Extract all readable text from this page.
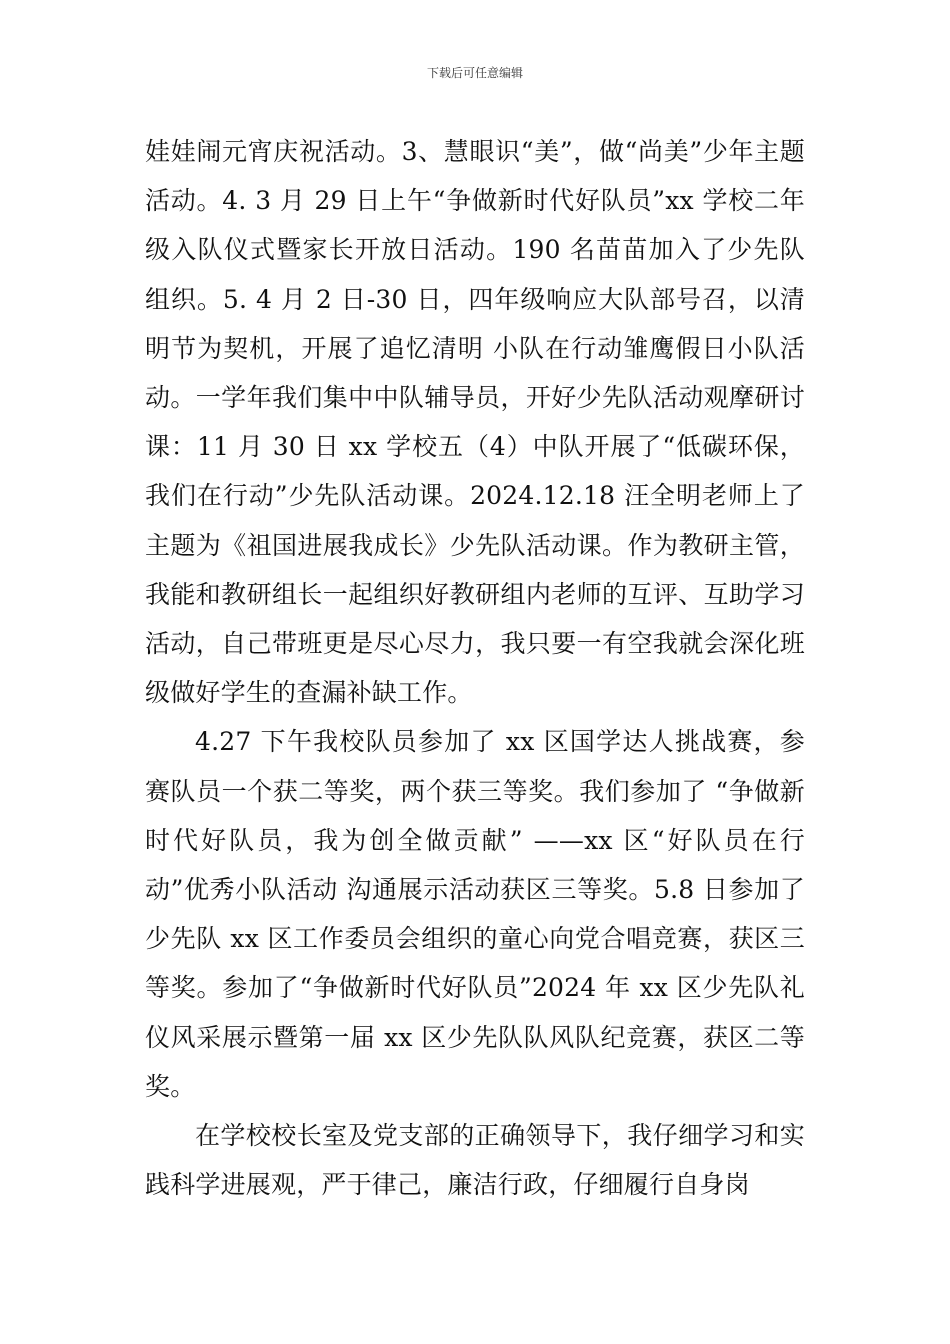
下载后可任意编辑

娃娃闹元宵庆祝活动。3、慧眼识“美”，做“尚美”少年主题活动。4. 3 月 29 日上午“争做新时代好队员”xx 学校二年级入队仪式暨家长开放日活动。190 名苗苗加入了少先队组织。5. 4 月 2 日-30 日，四年级响应大队部号召，以清明节为契机，开展了追忆清明 小队在行动雏鹰假日小队活动。一学年我们集中中队辅导员，开好少先队活动观摩研讨课：11 月 30 日 xx 学校五（4）中队开展了“低碳环保，我们在行动”少先队活动课。2024.12.18 汪全明老师上了主题为《祖国进展我成长》少先队活动课。作为教研主管，我能和教研组长一起组织好教研组内老师的互评、互助学习活动，自己带班更是尽心尽力，我只要一有空我就会深化班级做好学生的查漏补缺工作。

4.27 下午我校队员参加了 xx 区国学达人挑战赛，参赛队员一个获二等奖，两个获三等奖。我们参加了 “争做新时代好队员，我为创全做贡献” ——xx 区“好队员在行动”优秀小队活动 沟通展示活动获区三等奖。5.8 日参加了少先队 xx 区工作委员会组织的童心向党合唱竞赛，获区三等奖。参加了“争做新时代好队员”2024 年 xx 区少先队礼仪风采展示暨第一届 xx 区少先队队风队纪竞赛，获区二等奖。

在学校校长室及党支部的正确领导下，我仔细学习和实践科学进展观，严于律己，廉洁行政，仔细履行自身岗
